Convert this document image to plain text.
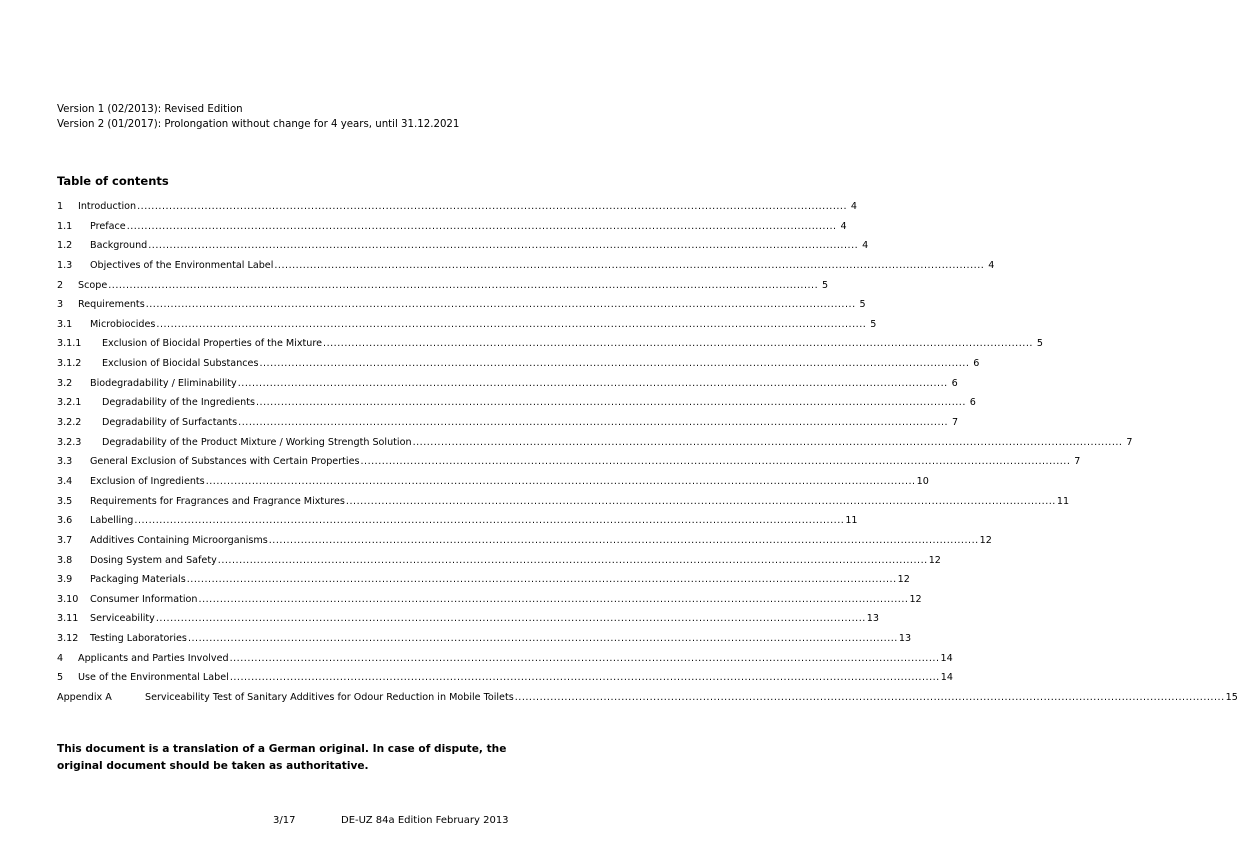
Version 1 (02/2013): Revised Edition
Version 2 (01/2017): Prolongation without change for 4 years, until 31.12.2021
Table of contents
1	Introduction ........................................................................................................................................................................................................ 4
1.1	Preface ........................................................................................................................................................................................................ 4
1.2	Background ........................................................................................................................................................................................................ 4
1.3	Objectives of the Environmental Label ........................................................................................................................................................................................................ 4
2	Scope ........................................................................................................................................................................................................ 5
3	Requirements ........................................................................................................................................................................................................ 5
3.1	Microbiocides ........................................................................................................................................................................................................ 5
3.1.1	Exclusion of Biocidal Properties of the Mixture ........................................................................................................................................................................................................ 5
3.1.2	Exclusion of Biocidal Substances ........................................................................................................................................................................................................ 6
3.2	Biodegradability / Eliminability ........................................................................................................................................................................................................ 6
3.2.1	Degradability of the Ingredients ........................................................................................................................................................................................................ 6
3.2.2	Degradability of Surfactants ........................................................................................................................................................................................................ 7
3.2.3	Degradability of the Product Mixture / Working Strength Solution ........................................................................................................................................................................................................ 7
3.3	General Exclusion of Substances with Certain Properties ........................................................................................................................................................................................................ 7
3.4	Exclusion of Ingredients ........................................................................................................................................................................................................ 10
3.5	Requirements for Fragrances and Fragrance Mixtures ........................................................................................................................................................................................................ 11
3.6	Labelling ........................................................................................................................................................................................................ 11
3.7	Additives Containing Microorganisms ........................................................................................................................................................................................................ 12
3.8	Dosing System and Safety ........................................................................................................................................................................................................ 12
3.9	Packaging Materials ........................................................................................................................................................................................................ 12
3.10	Consumer Information ........................................................................................................................................................................................................ 12
3.11	Serviceability ........................................................................................................................................................................................................ 13
3.12	Testing Laboratories ........................................................................................................................................................................................................ 13
4	Applicants and Parties Involved ........................................................................................................................................................................................................ 14
5	Use of the Environmental Label ........................................................................................................................................................................................................ 14
Appendix A	Serviceability Test of Sanitary Additives for Odour Reduction in Mobile Toilets ........................................................................................................................................................................................................ 15
This document is a translation of a German original. In case of dispute, the original document should be taken as authoritative.
3/17	DE-UZ 84a Edition February 2013
